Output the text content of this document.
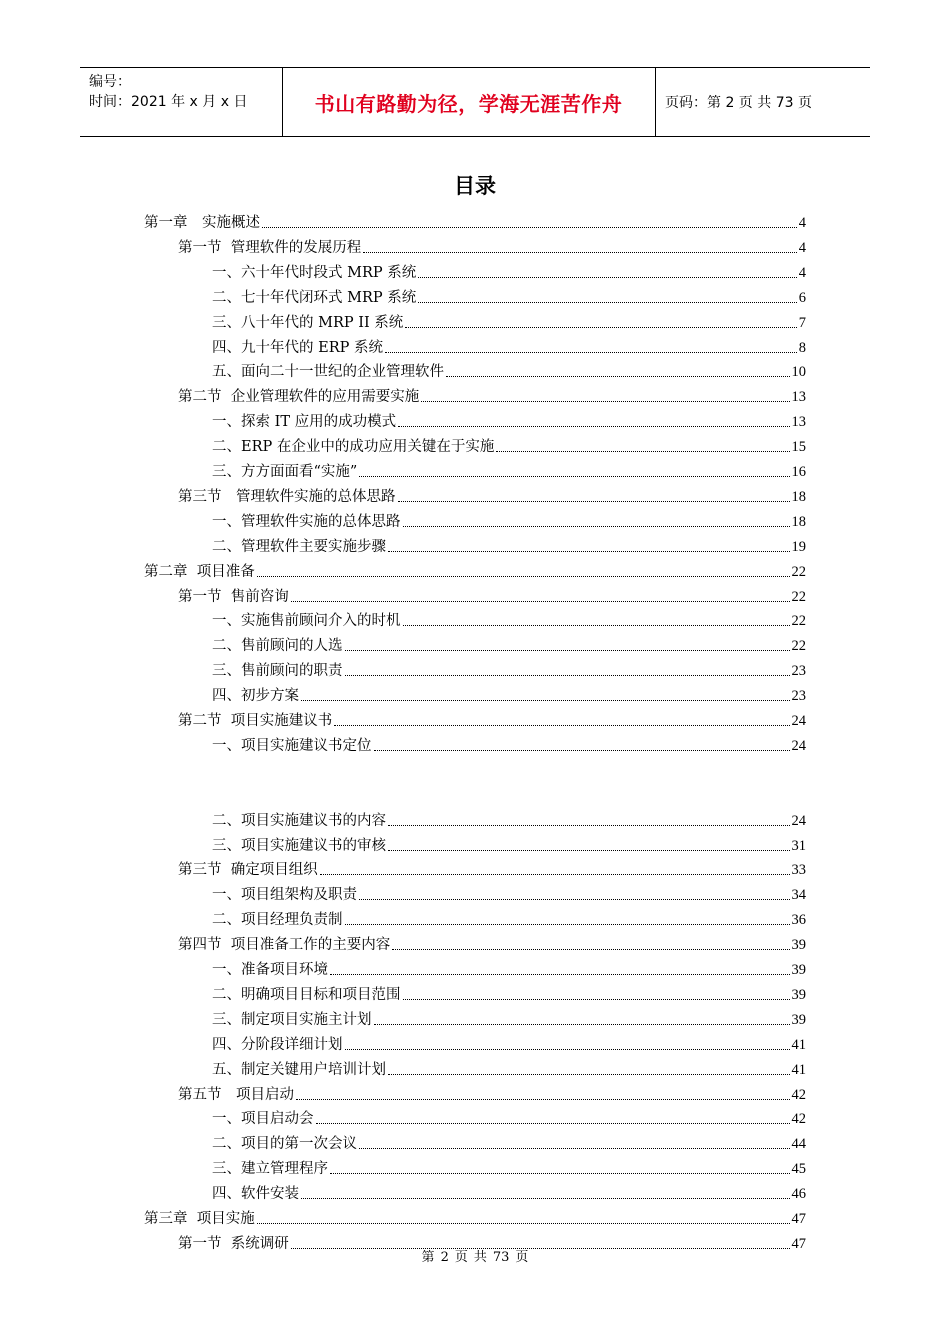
编号：
时间：2021 年 x 月 x 日	书山有路勤为径，学海无涯苦作舟	页码：第 2 页 共 73 页
目录
第一章　实施概述	4
第一节  管理软件的发展历程	4
一、六十年代时段式 MRP 系统	4
二、七十年代闭环式 MRP 系统	6
三、八十年代的 MRP II 系统	7
四、九十年代的 ERP 系统	8
五、面向二十一世纪的企业管理软件	10
第二节  企业管理软件的应用需要实施	13
一、探索 IT 应用的成功模式	13
二、ERP 在企业中的成功应用关键在于实施	15
三、方方面面看“实施”	16
第三节　管理软件实施的总体思路	18
一、管理软件实施的总体思路	18
二、管理软件主要实施步骤	19
第二章  项目准备	22
第一节  售前咨询	22
一、实施售前顾问介入的时机	22
二、售前顾问的人选	22
三、售前顾问的职责	23
四、初步方案	23
第二节  项目实施建议书	24
一、项目实施建议书定位	24
二、项目实施建议书的内容	24
三、项目实施建议书的审核	31
第三节  确定项目组织	33
一、项目组架构及职责	34
二、项目经理负责制	36
第四节  项目准备工作的主要内容	39
一、准备项目环境	39
二、明确项目目标和项目范围	39
三、制定项目实施主计划	39
四、分阶段详细计划	41
五、制定关键用户培训计划	41
第五节　项目启动	42
一、项目启动会	42
二、项目的第一次会议	44
三、建立管理程序	45
四、软件安装	46
第三章  项目实施	47
第一节  系统调研	47
第 2 页 共 73 页
